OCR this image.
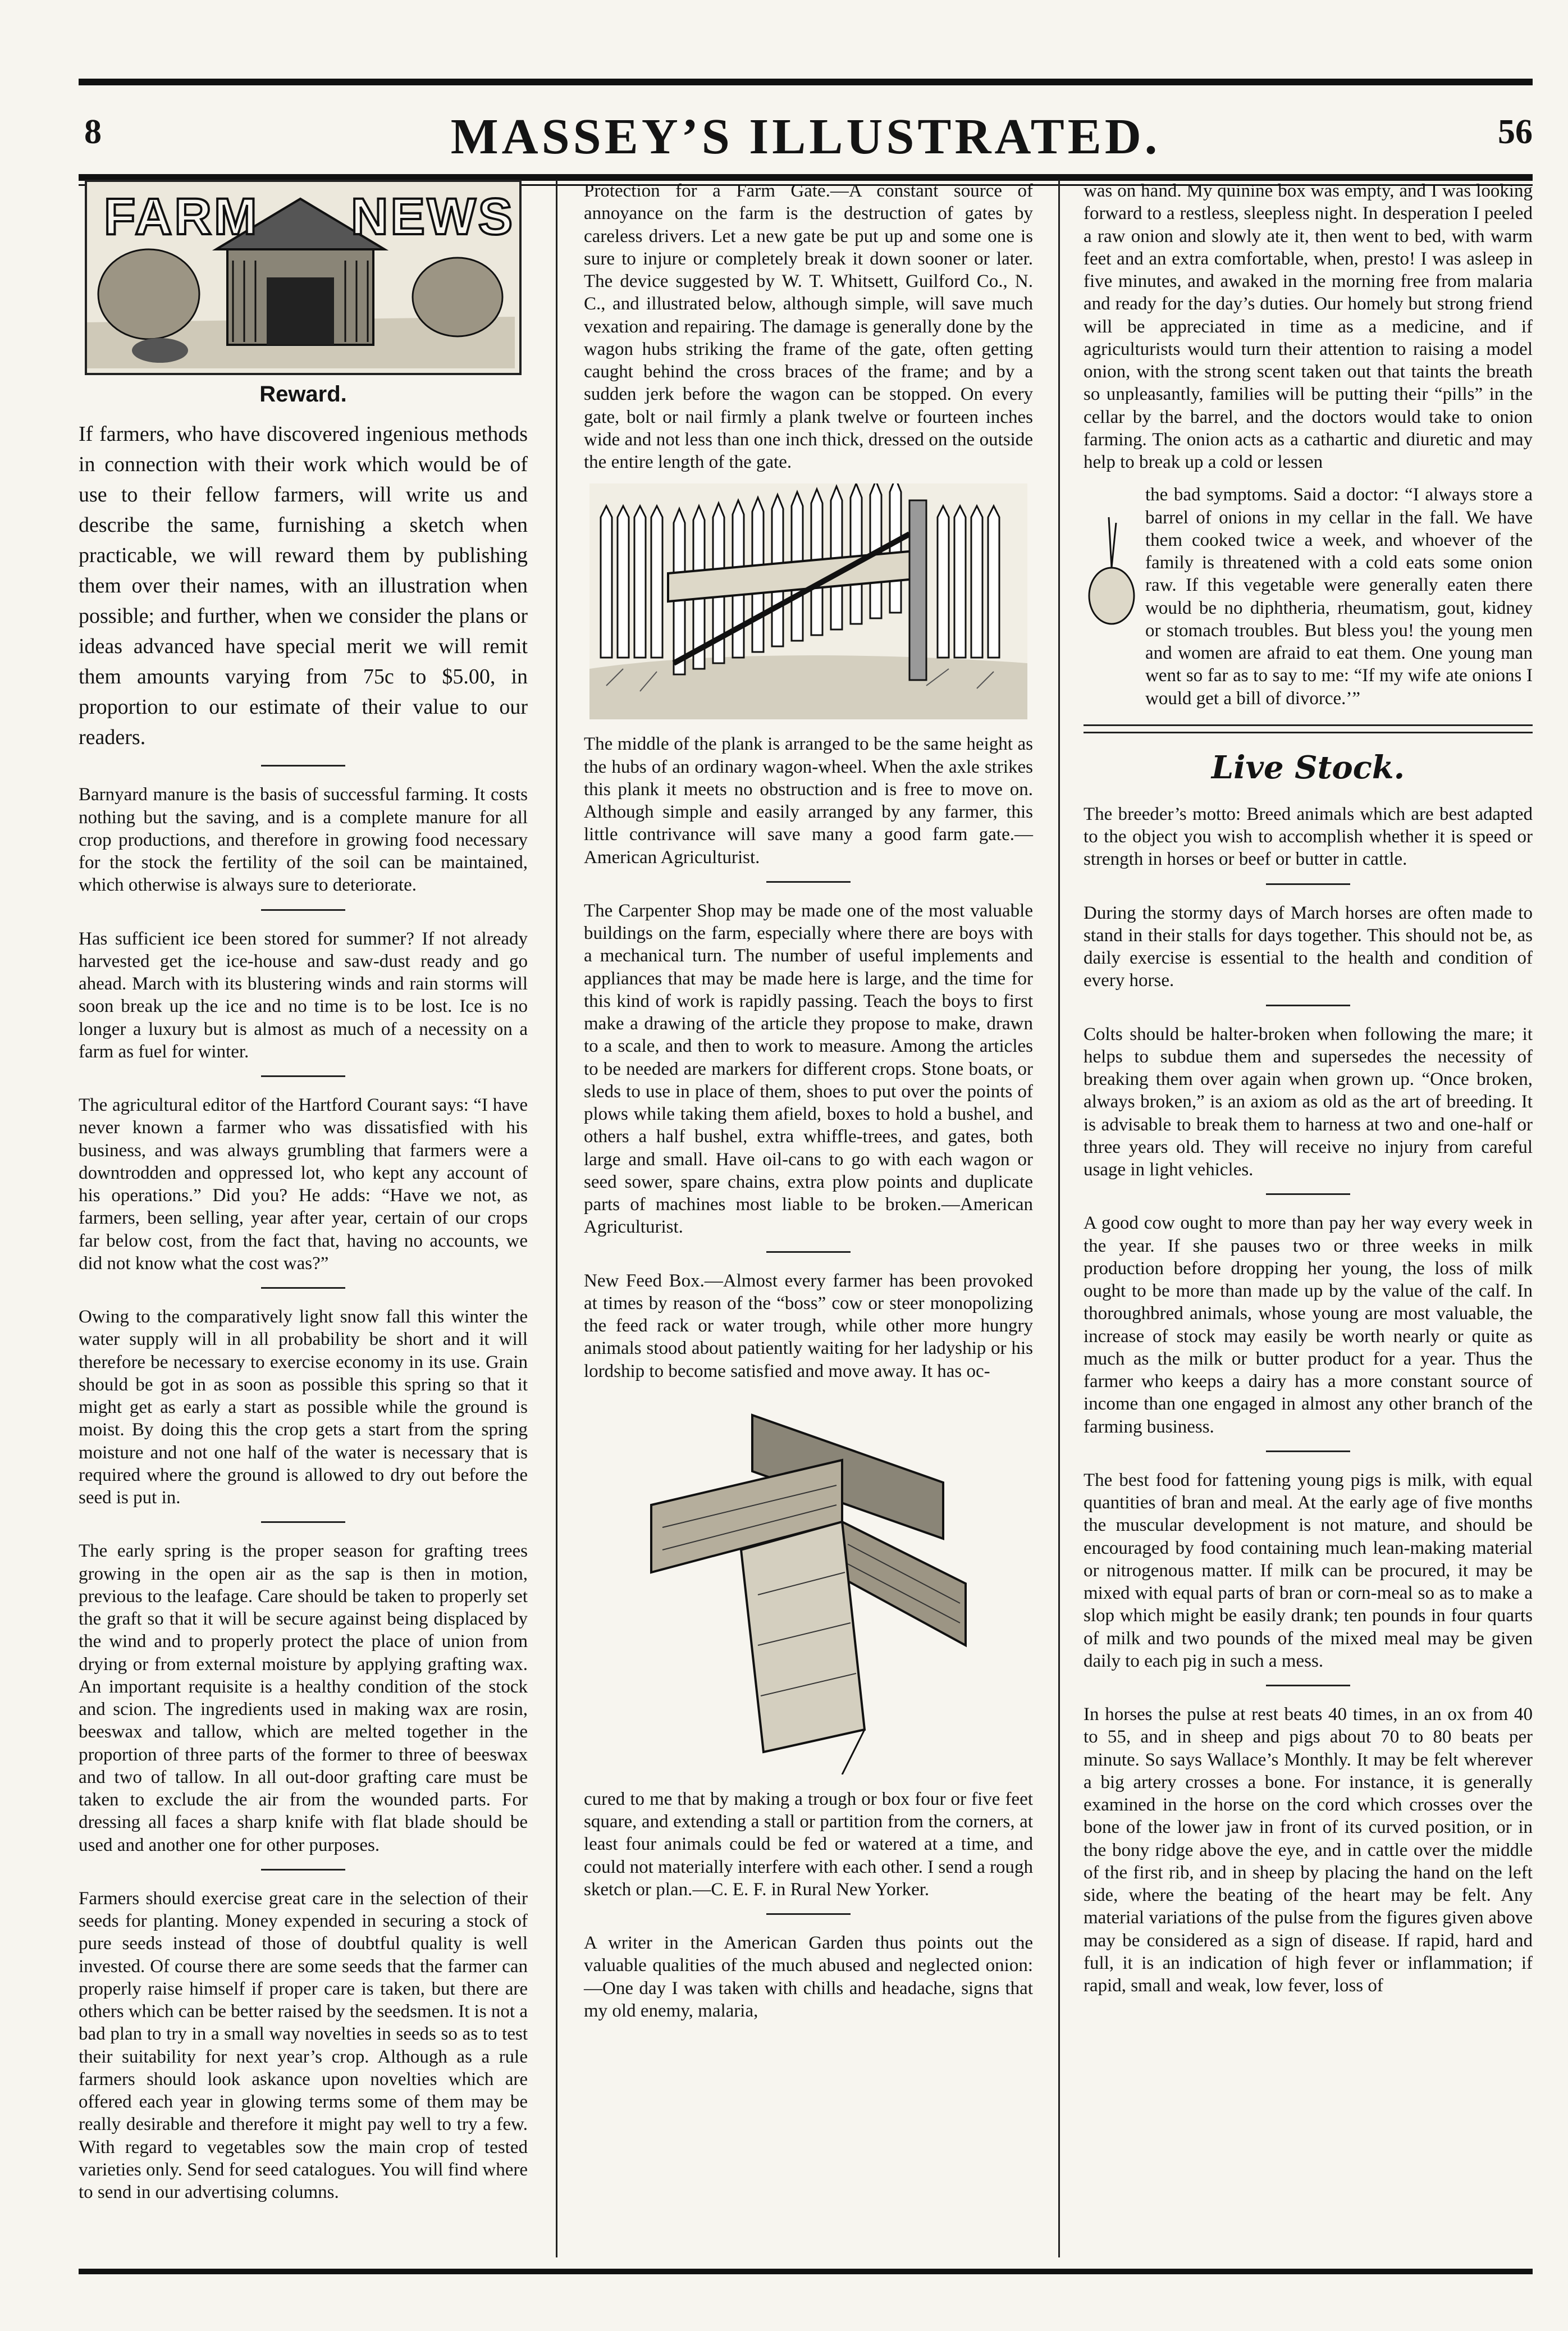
8	MASSEY’S ILLUSTRATED.	56
FARM NEWS
Reward.

If farmers, who have discovered ingenious methods in connection with their work which would be of use to their fellow farmers, will write us and describe the same, furnishing a sketch when practicable, we will reward them by publishing them over their names, with an illustration when possible; and further, when we consider the plans or ideas advanced have special merit we will remit them amounts varying from 75c to $5.00, in proportion to our estimate of their value to our readers.

Barnyard manure is the basis of successful farming. It costs nothing but the saving, and is a complete manure for all crop productions, and therefore in growing food necessary for the stock the fertility of the soil can be maintained, which otherwise is always sure to deteriorate.

Has sufficient ice been stored for summer? If not already harvested get the ice-house and saw-dust ready and go ahead. March with its blustering winds and rain storms will soon break up the ice and no time is to be lost. Ice is no longer a luxury but is almost as much of a necessity on a farm as fuel for winter.

The agricultural editor of the Hartford Courant says: “I have never known a farmer who was dissatisfied with his business, and was always grumbling that farmers were a downtrodden and oppressed lot, who kept any account of his operations.” Did you? He adds: “Have we not, as farmers, been selling, year after year, certain of our crops far below cost, from the fact that, having no accounts, we did not know what the cost was?”

Owing to the comparatively light snow fall this winter the water supply will in all probability be short and it will therefore be necessary to exercise economy in its use. Grain should be got in as soon as possible this spring so that it might get as early a start as possible while the ground is moist. By doing this the crop gets a start from the spring moisture and not one half of the water is necessary that is required where the ground is allowed to dry out before the seed is put in.

The early spring is the proper season for grafting trees growing in the open air as the sap is then in motion, previous to the leafage. Care should be taken to properly set the graft so that it will be secure against being displaced by the wind and to properly protect the place of union from drying or from external moisture by applying grafting wax. An important requisite is a healthy condition of the stock and scion. The ingredients used in making wax are rosin, beeswax and tallow, which are melted together in the proportion of three parts of the former to three of beeswax and two of tallow. In all out-door grafting care must be taken to exclude the air from the wounded parts. For dressing all faces a sharp knife with flat blade should be used and another one for other purposes.

Farmers should exercise great care in the selection of their seeds for planting. Money expended in securing a stock of pure seeds instead of those of doubtful quality is well invested. Of course there are some seeds that the farmer can properly raise himself if proper care is taken, but there are others which can be better raised by the seedsmen. It is not a bad plan to try in a small way novelties in seeds so as to test their suitability for next year’s crop. Although as a rule farmers should look askance upon novelties which are offered each year in glowing terms some of them may be really desirable and therefore it might pay well to try a few. With regard to vegetables sow the main crop of tested varieties only. Send for seed catalogues. You will find where to send in our advertising columns.

Protection for a Farm Gate.—A constant source of annoyance on the farm is the destruction of gates by careless drivers. Let a new gate be put up and some one is sure to injure or completely break it down sooner or later. The device suggested by W. T. Whitsett, Guilford Co., N. C., and illustrated below, although simple, will save much vexation and repairing. The damage is generally done by the wagon hubs striking the frame of the gate, often getting caught behind the cross braces of the frame; and by a sudden jerk before the wagon can be stopped. On every gate, bolt or nail firmly a plank twelve or fourteen inches wide and not less than one inch thick, dressed on the outside the entire length of the gate.

The middle of the plank is arranged to be the same height as the hubs of an ordinary wagon-wheel. When the axle strikes this plank it meets no obstruction and is free to move on. Although simple and easily arranged by any farmer, this little contrivance will save many a good farm gate.—American Agriculturist.

The Carpenter Shop may be made one of the most valuable buildings on the farm, especially where there are boys with a mechanical turn. The number of useful implements and appliances that may be made here is large, and the time for this kind of work is rapidly passing. Teach the boys to first make a drawing of the article they propose to make, drawn to a scale, and then to work to measure. Among the articles to be needed are markers for different crops. Stone boats, or sleds to use in place of them, shoes to put over the points of plows while taking them afield, boxes to hold a bushel, and others a half bushel, extra whiffle-trees, and gates, both large and small. Have oil-cans to go with each wagon or seed sower, spare chains, extra plow points and duplicate parts of machines most liable to be broken.—American Agriculturist.

New Feed Box.—Almost every farmer has been provoked at times by reason of the “boss” cow or steer monopolizing the feed rack or water trough, while other more hungry animals stood about patiently waiting for her ladyship or his lordship to become satisfied and move away. It has oc-

cured to me that by making a trough or box four or five feet square, and extending a stall or partition from the corners, at least four animals could be fed or watered at a time, and could not materially interfere with each other. I send a rough sketch or plan.—C. E. F. in Rural New Yorker.

A writer in the American Garden thus points out the valuable qualities of the much abused and neglected onion:—One day I was taken with chills and headache, signs that my old enemy, malaria,

was on hand. My quinine box was empty, and I was looking forward to a restless, sleepless night. In desperation I peeled a raw onion and slowly ate it, then went to bed, with warm feet and an extra comfortable, when, presto! I was asleep in five minutes, and awaked in the morning free from malaria and ready for the day’s duties. Our homely but strong friend will be appreciated in time as a medicine, and if agriculturists would turn their attention to raising a model onion, with the strong scent taken out that taints the breath so unpleasantly, families will be putting their “pills” in the cellar by the barrel, and the doctors would take to onion farming. The onion acts as a cathartic and diuretic and may help to break up a cold or lessen

the bad symptoms. Said a doctor: “I always store a barrel of onions in my cellar in the fall. We have them cooked twice a week, and whoever of the family is threatened with a cold eats some onion raw. If this vegetable were generally eaten there would be no diphtheria, rheumatism, gout, kidney or stomach troubles. But bless you! the young men and women are afraid to eat them. One young man went so far as to say to me: “If my wife ate onions I would get a bill of divorce.’”

Live Stock.

The breeder’s motto: Breed animals which are best adapted to the object you wish to accomplish whether it is speed or strength in horses or beef or butter in cattle.

During the stormy days of March horses are often made to stand in their stalls for days together. This should not be, as daily exercise is essential to the health and condition of every horse.

Colts should be halter-broken when following the mare; it helps to subdue them and supersedes the necessity of breaking them over again when grown up. “Once broken, always broken,” is an axiom as old as the art of breeding. It is advisable to break them to harness at two and one-half or three years old. They will receive no injury from careful usage in light vehicles.

A good cow ought to more than pay her way every week in the year. If she pauses two or three weeks in milk production before dropping her young, the loss of milk ought to be more than made up by the value of the calf. In thoroughbred animals, whose young are most valuable, the increase of stock may easily be worth nearly or quite as much as the milk or butter product for a year. Thus the farmer who keeps a dairy has a more constant source of income than one engaged in almost any other branch of the farming business.

The best food for fattening young pigs is milk, with equal quantities of bran and meal. At the early age of five months the muscular development is not mature, and should be encouraged by food containing much lean-making material or nitrogenous matter. If milk can be procured, it may be mixed with equal parts of bran or corn-meal so as to make a slop which might be easily drank; ten pounds in four quarts of milk and two pounds of the mixed meal may be given daily to each pig in such a mess.

In horses the pulse at rest beats 40 times, in an ox from 40 to 55, and in sheep and pigs about 70 to 80 beats per minute. So says Wallace’s Monthly. It may be felt wherever a big artery crosses a bone. For instance, it is generally examined in the horse on the cord which crosses over the bone of the lower jaw in front of its curved position, or in the bony ridge above the eye, and in cattle over the middle of the first rib, and in sheep by placing the hand on the left side, where the beating of the heart may be felt. Any material variations of the pulse from the figures given above may be considered as a sign of disease. If rapid, hard and full, it is an indication of high fever or inflammation; if rapid, small and weak, low fever, loss of
